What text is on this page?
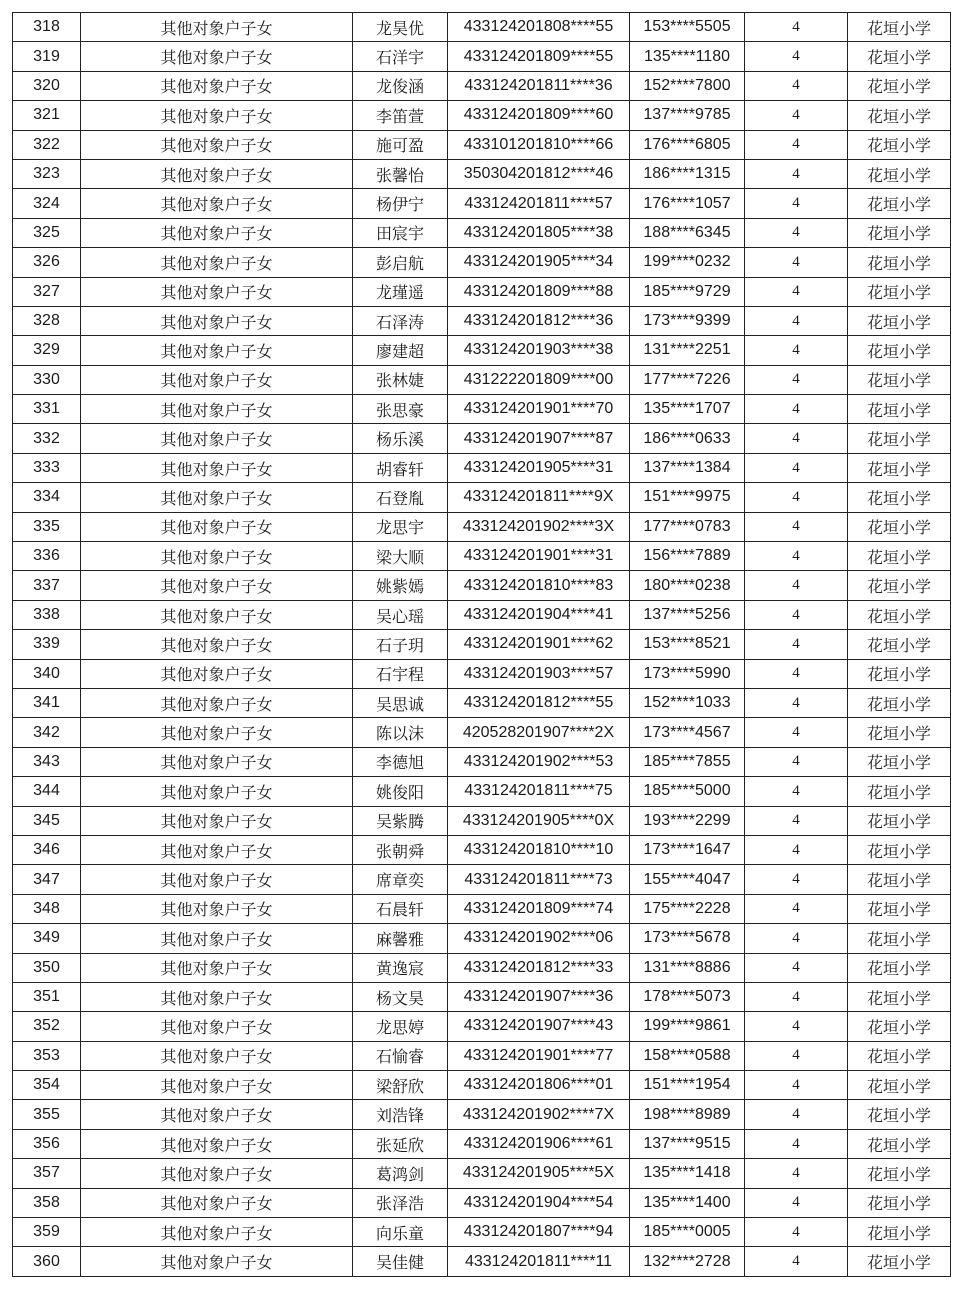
318	其他对象户子女	龙昊优	433124201808****55	153****5505	4	花垣小学
319	其他对象户子女	石洋宇	433124201809****55	135****1180	4	花垣小学
320	其他对象户子女	龙俊涵	433124201811****36	152****7800	4	花垣小学
321	其他对象户子女	李笛萱	433124201809****60	137****9785	4	花垣小学
322	其他对象户子女	施可盈	433101201810****66	176****6805	4	花垣小学
323	其他对象户子女	张馨怡	350304201812****46	186****1315	4	花垣小学
324	其他对象户子女	杨伊宁	433124201811****57	176****1057	4	花垣小学
325	其他对象户子女	田宸宇	433124201805****38	188****6345	4	花垣小学
326	其他对象户子女	彭启航	433124201905****34	199****0232	4	花垣小学
327	其他对象户子女	龙瑾遥	433124201809****88	185****9729	4	花垣小学
328	其他对象户子女	石泽涛	433124201812****36	173****9399	4	花垣小学
329	其他对象户子女	廖建超	433124201903****38	131****2251	4	花垣小学
330	其他对象户子女	张林婕	431222201809****00	177****7226	4	花垣小学
331	其他对象户子女	张思豪	433124201901****70	135****1707	4	花垣小学
332	其他对象户子女	杨乐溪	433124201907****87	186****0633	4	花垣小学
333	其他对象户子女	胡睿轩	433124201905****31	137****1384	4	花垣小学
334	其他对象户子女	石登胤	433124201811****9X	151****9975	4	花垣小学
335	其他对象户子女	龙思宇	433124201902****3X	177****0783	4	花垣小学
336	其他对象户子女	梁大顺	433124201901****31	156****7889	4	花垣小学
337	其他对象户子女	姚紫嫣	433124201810****83	180****0238	4	花垣小学
338	其他对象户子女	吴心瑶	433124201904****41	137****5256	4	花垣小学
339	其他对象户子女	石子玥	433124201901****62	153****8521	4	花垣小学
340	其他对象户子女	石宇程	433124201903****57	173****5990	4	花垣小学
341	其他对象户子女	吴思诚	433124201812****55	152****1033	4	花垣小学
342	其他对象户子女	陈以沫	420528201907****2X	173****4567	4	花垣小学
343	其他对象户子女	李德旭	433124201902****53	185****7855	4	花垣小学
344	其他对象户子女	姚俊阳	433124201811****75	185****5000	4	花垣小学
345	其他对象户子女	吴紫腾	433124201905****0X	193****2299	4	花垣小学
346	其他对象户子女	张朝舜	433124201810****10	173****1647	4	花垣小学
347	其他对象户子女	席章奕	433124201811****73	155****4047	4	花垣小学
348	其他对象户子女	石晨轩	433124201809****74	175****2228	4	花垣小学
349	其他对象户子女	麻馨雅	433124201902****06	173****5678	4	花垣小学
350	其他对象户子女	黄逸宸	433124201812****33	131****8886	4	花垣小学
351	其他对象户子女	杨文昊	433124201907****36	178****5073	4	花垣小学
352	其他对象户子女	龙思婷	433124201907****43	199****9861	4	花垣小学
353	其他对象户子女	石愉睿	433124201901****77	158****0588	4	花垣小学
354	其他对象户子女	梁舒欣	433124201806****01	151****1954	4	花垣小学
355	其他对象户子女	刘浩锋	433124201902****7X	198****8989	4	花垣小学
356	其他对象户子女	张延欣	433124201906****61	137****9515	4	花垣小学
357	其他对象户子女	葛鸿剑	433124201905****5X	135****1418	4	花垣小学
358	其他对象户子女	张泽浩	433124201904****54	135****1400	4	花垣小学
359	其他对象户子女	向乐童	433124201807****94	185****0005	4	花垣小学
360	其他对象户子女	吴佳健	433124201811****11	132****2728	4	花垣小学
